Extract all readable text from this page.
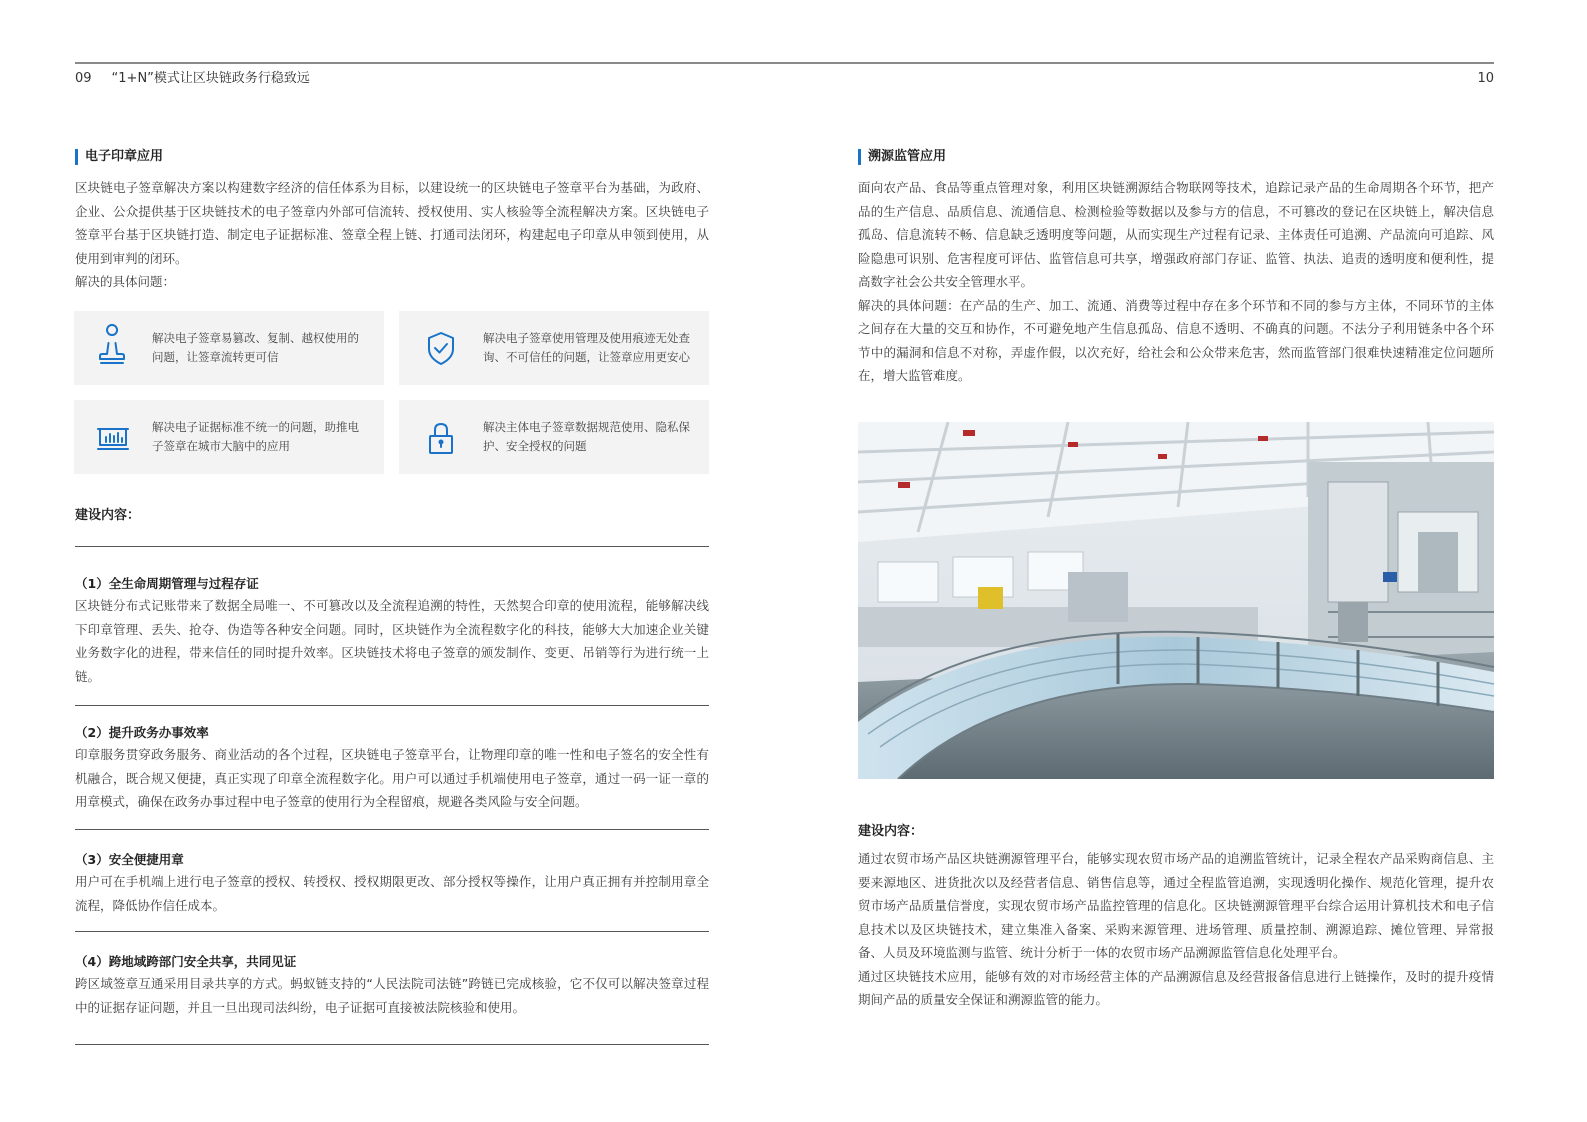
09 “1+N”模式让区块链政务行稳致远	10
电子印章应用

区块链电子签章解决方案以构建数字经济的信任体系为目标，以建设统一的区块链电子签章平台为基础，为政府、企业、公众提供基于区块链技术的电子签章内外部可信流转、授权使用、实人核验等全流程解决方案。区块链电子签章平台基于区块链打造、制定电子证据标准、签章全程上链、打通司法闭环，构建起电子印章从申领到使用，从使用到审判的闭环。

解决的具体问题：

解决电子签章易篡改、复制、越权使用的问题，让签章流转更可信
解决电子签章使用管理及使用痕迹无处查询、不可信任的问题，让签章应用更安心
解决电子证据标准不统一的问题，助推电子签章在城市大脑中的应用
解决主体电子签章数据规范使用、隐私保护、安全授权的问题
建设内容：
（1）全生命周期管理与过程存证
区块链分布式记账带来了数据全局唯一、不可篡改以及全流程追溯的特性，天然契合印章的使用流程，能够解决线下印章管理、丢失、抢夺、伪造等各种安全问题。同时，区块链作为全流程数字化的科技，能够大大加速企业关键业务数字化的进程，带来信任的同时提升效率。区块链技术将电子签章的颁发制作、变更、吊销等行为进行统一上链。
（2）提升政务办事效率
印章服务贯穿政务服务、商业活动的各个过程，区块链电子签章平台，让物理印章的唯一性和电子签名的安全性有机融合，既合规又便捷，真正实现了印章全流程数字化。用户可以通过手机端使用电子签章，通过一码一证一章的用章模式，确保在政务办事过程中电子签章的使用行为全程留痕，规避各类风险与安全问题。
（3）安全便捷用章
用户可在手机端上进行电子签章的授权、转授权、授权期限更改、部分授权等操作，让用户真正拥有并控制用章全流程，降低协作信任成本。
（4）跨地域跨部门安全共享，共同见证
跨区域签章互通采用目录共享的方式。蚂蚁链支持的“人民法院司法链”跨链已完成核验，它不仅可以解决签章过程中的证据存证问题，并且一旦出现司法纠纷，电子证据可直接被法院核验和使用。
溯源监管应用

面向农产品、食品等重点管理对象，利用区块链溯源结合物联网等技术，追踪记录产品的生命周期各个环节，把产品的生产信息、品质信息、流通信息、检测检验等数据以及参与方的信息，不可篡改的登记在区块链上，解决信息孤岛、信息流转不畅、信息缺乏透明度等问题，从而实现生产过程有记录、主体责任可追溯、产品流向可追踪、风险隐患可识别、危害程度可评估、监管信息可共享，增强政府部门存证、监管、执法、追责的透明度和便利性，提高数字社会公共安全管理水平。

解决的具体问题：在产品的生产、加工、流通、消费等过程中存在多个环节和不同的参与方主体，不同环节的主体之间存在大量的交互和协作，不可避免地产生信息孤岛、信息不透明、不确真的问题。不法分子利用链条中各个环节中的漏洞和信息不对称，弄虚作假，以次充好，给社会和公众带来危害，然而监管部门很难快速精准定位问题所在，增大监管难度。

建设内容：

通过农贸市场产品区块链溯源管理平台，能够实现农贸市场产品的追溯监管统计，记录全程农产品采购商信息、主要来源地区、进货批次以及经营者信息、销售信息等，通过全程监管追溯，实现透明化操作、规范化管理，提升农贸市场产品质量信誉度，实现农贸市场产品监控管理的信息化。区块链溯源管理平台综合运用计算机技术和电子信息技术以及区块链技术，建立集准入备案、采购来源管理、进场管理、质量控制、溯源追踪、摊位管理、异常报备、人员及环境监测与监管、统计分析于一体的农贸市场产品溯源监管信息化处理平台。

通过区块链技术应用，能够有效的对市场经营主体的产品溯源信息及经营报备信息进行上链操作，及时的提升疫情期间产品的质量安全保证和溯源监管的能力。
